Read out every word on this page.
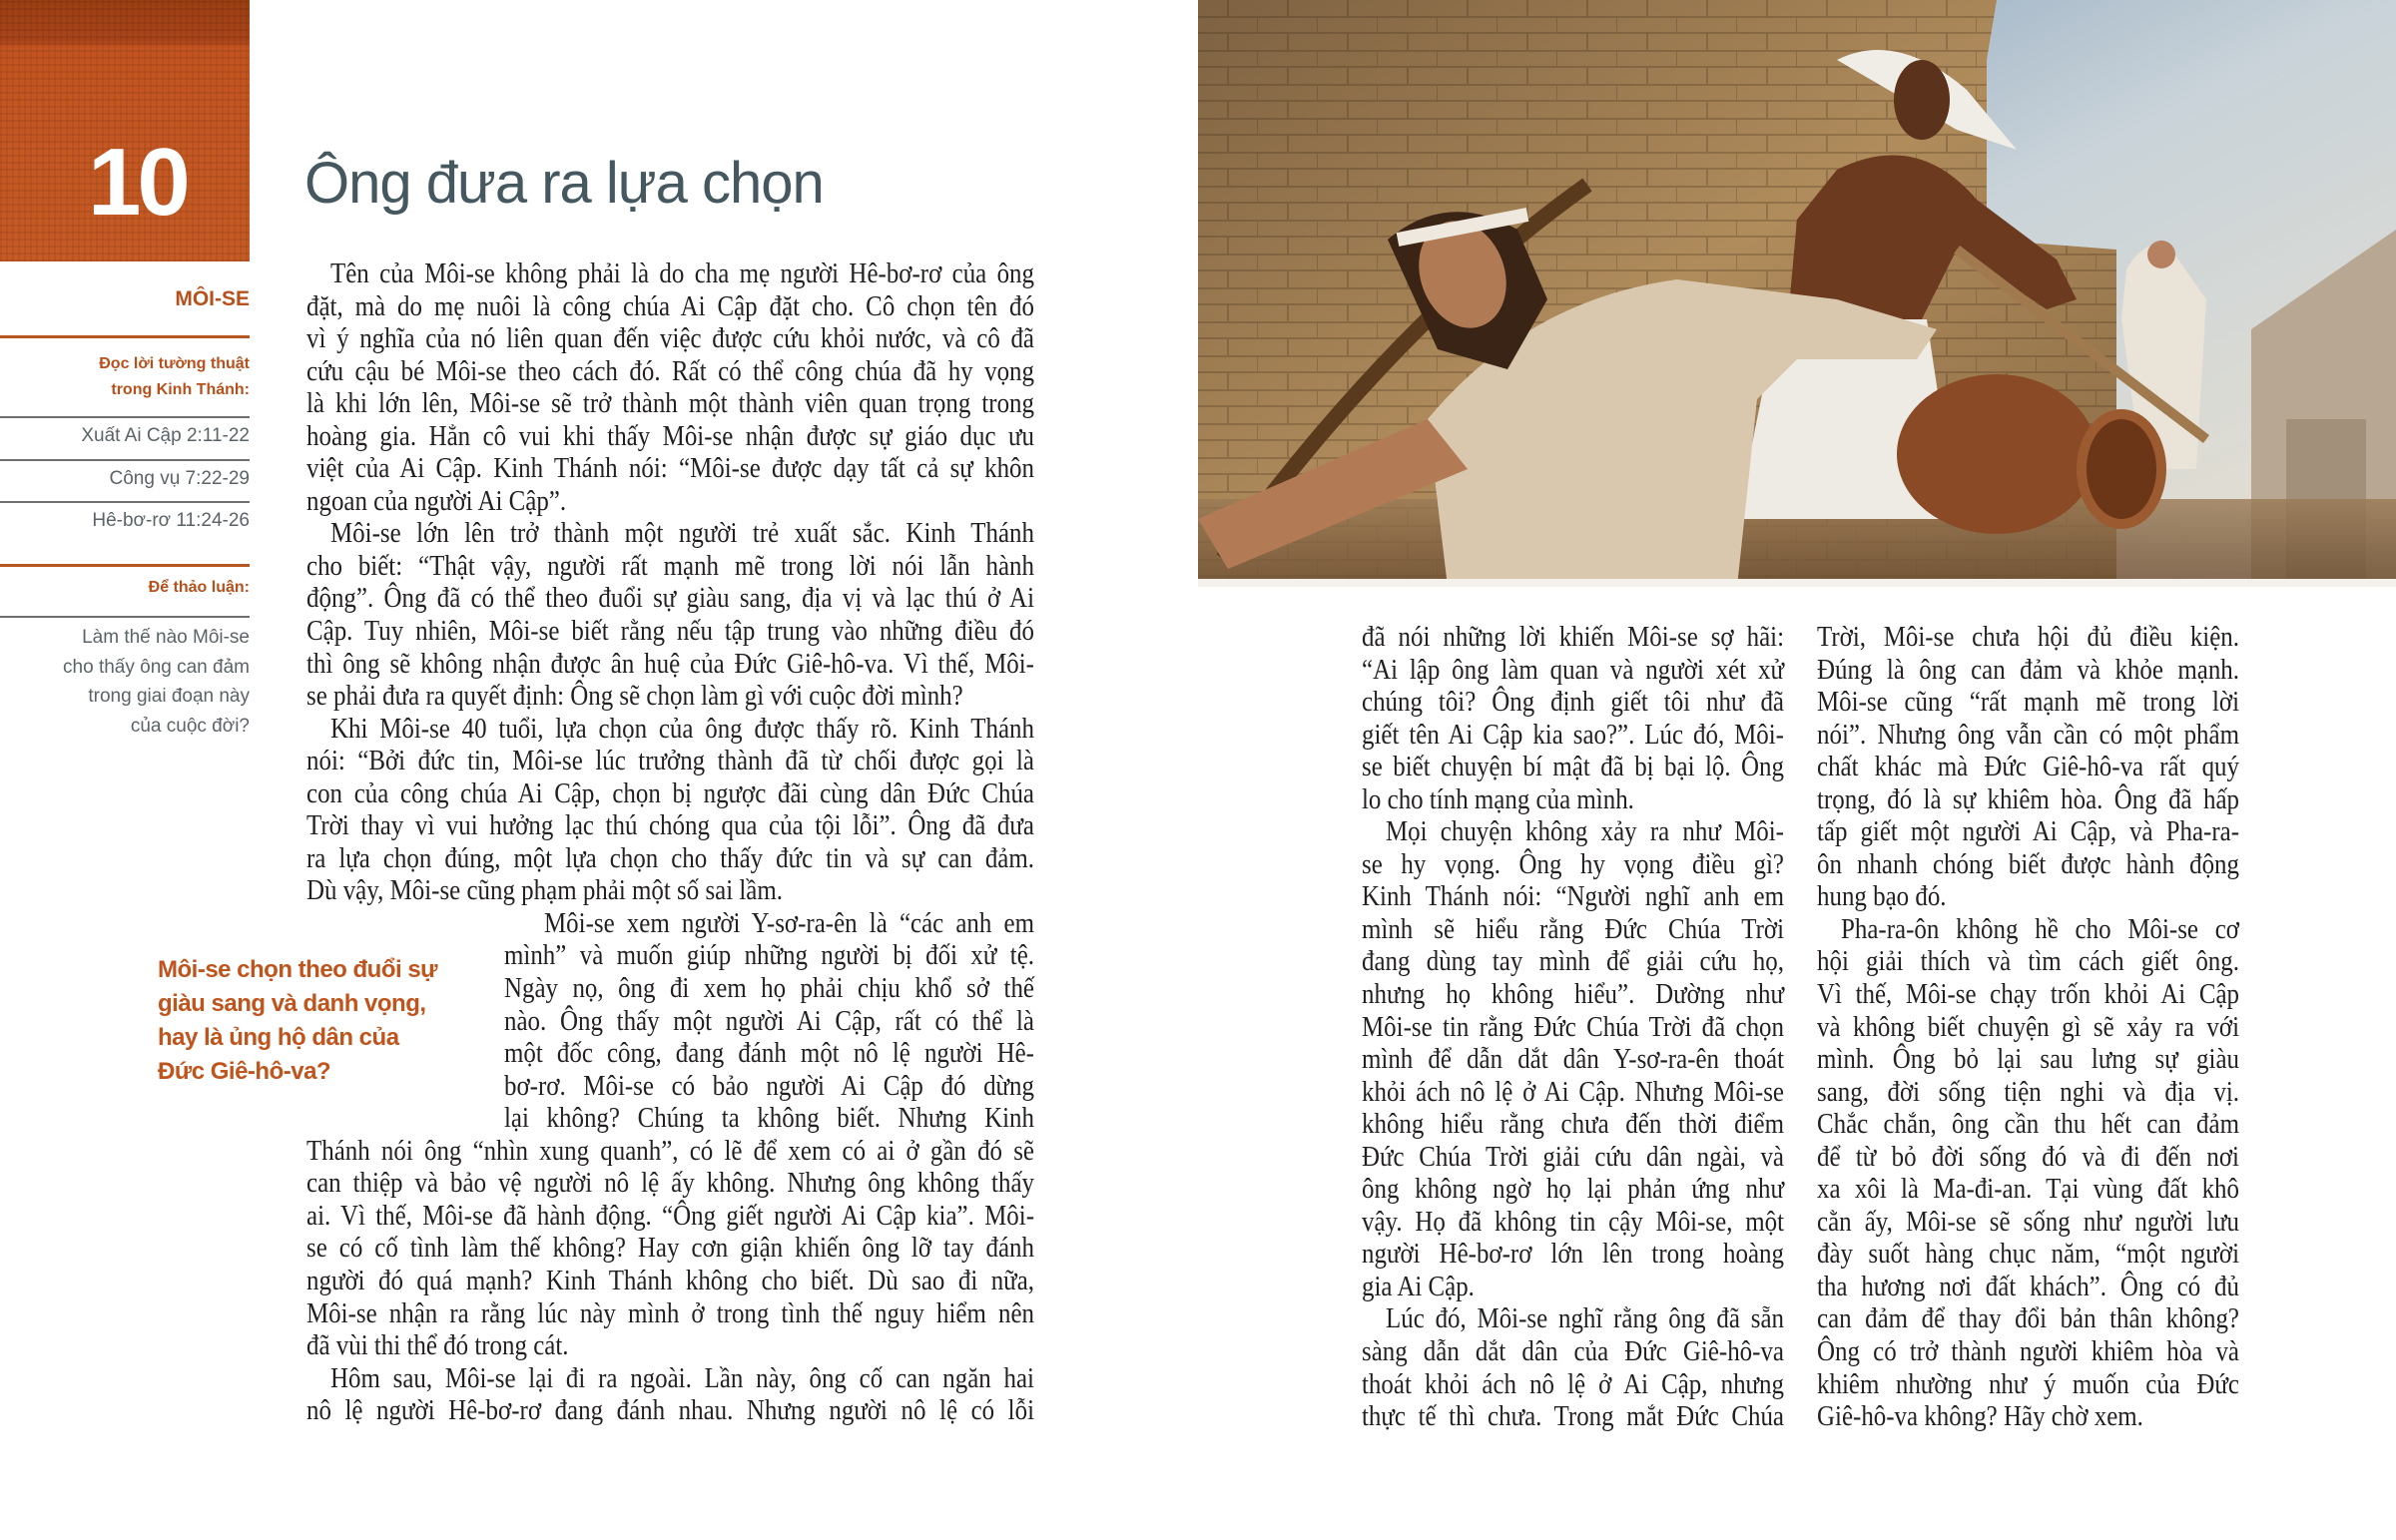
10 Ông đưa ra lựa chọn
MÔI-SE
Đọc lời tường thuật
trong Kinh Thánh:
Xuất Ai Cập 2:11-22
Công vụ 7:22-29
Hê-bơ-rơ 11:24-26
Để thảo luận:
Làm thế nào Môi-se
cho thấy ông can đảm
trong giai đoạn này
của cuộc đời?
Môi-se chọn theo đuổi sự
giàu sang và danh vọng,
hay là ủng hộ dân của
Đức Giê-hô-va?
Tên của Môi-se không phải là do cha mẹ người Hê-bơ-rơ của ông
đặt, mà do mẹ nuôi là công chúa Ai Cập đặt cho. Cô chọn tên đó
vì ý nghĩa của nó liên quan đến việc được cứu khỏi nước, và cô đã
cứu cậu bé Môi-se theo cách đó. Rất có thể công chúa đã hy vọng
là khi lớn lên, Môi-se sẽ trở thành một thành viên quan trọng trong
hoàng gia. Hẳn cô vui khi thấy Môi-se nhận được sự giáo dục ưu
việt của Ai Cập. Kinh Thánh nói: “Môi-se được dạy tất cả sự khôn
ngoan của người Ai Cập”.
Môi-se lớn lên trở thành một người trẻ xuất sắc. Kinh Thánh
cho biết: “Thật vậy, người rất mạnh mẽ trong lời nói lẫn hành
động”. Ông đã có thể theo đuổi sự giàu sang, địa vị và lạc thú ở Ai
Cập. Tuy nhiên, Môi-se biết rằng nếu tập trung vào những điều đó
thì ông sẽ không nhận được ân huệ của Đức Giê-hô-va. Vì thế, Môi-
se phải đưa ra quyết định: Ông sẽ chọn làm gì với cuộc đời mình?
Khi Môi-se 40 tuổi, lựa chọn của ông được thấy rõ. Kinh Thánh
nói: “Bởi đức tin, Môi-se lúc trưởng thành đã từ chối được gọi là
con của công chúa Ai Cập, chọn bị ngược đãi cùng dân Đức Chúa
Trời thay vì vui hưởng lạc thú chóng qua của tội lỗi”. Ông đã đưa
ra lựa chọn đúng, một lựa chọn cho thấy đức tin và sự can đảm.
Dù vậy, Môi-se cũng phạm phải một số sai lầm.
Môi-se xem người Y-sơ-ra-ên là “các anh em
mình” và muốn giúp những người bị đối xử tệ.
Ngày nọ, ông đi xem họ phải chịu khổ sở thế
nào. Ông thấy một người Ai Cập, rất có thể là
một đốc công, đang đánh một nô lệ người Hê-
bơ-rơ. Môi-se có bảo người Ai Cập đó dừng
lại không? Chúng ta không biết. Nhưng Kinh
Thánh nói ông “nhìn xung quanh”, có lẽ để xem có ai ở gần đó sẽ
can thiệp và bảo vệ người nô lệ ấy không. Nhưng ông không thấy
ai. Vì thế, Môi-se đã hành động. “Ông giết người Ai Cập kia”. Môi-
se có cố tình làm thế không? Hay cơn giận khiến ông lỡ tay đánh
người đó quá mạnh? Kinh Thánh không cho biết. Dù sao đi nữa,
Môi-se nhận ra rằng lúc này mình ở trong tình thế nguy hiểm nên
đã vùi thi thể đó trong cát.
Hôm sau, Môi-se lại đi ra ngoài. Lần này, ông cố can ngăn hai
nô lệ người Hê-bơ-rơ đang đánh nhau. Nhưng người nô lệ có lỗi
đã nói những lời khiến Môi-se sợ hãi:
“Ai lập ông làm quan và người xét xử
chúng tôi? Ông định giết tôi như đã
giết tên Ai Cập kia sao?”. Lúc đó, Môi-
se biết chuyện bí mật đã bị bại lộ. Ông
lo cho tính mạng của mình.
Mọi chuyện không xảy ra như Môi-
se hy vọng. Ông hy vọng điều gì?
Kinh Thánh nói: “Người nghĩ anh em
mình sẽ hiểu rằng Đức Chúa Trời
đang dùng tay mình để giải cứu họ,
nhưng họ không hiểu”. Dường như
Môi-se tin rằng Đức Chúa Trời đã chọn
mình để dẫn dắt dân Y-sơ-ra-ên thoát
khỏi ách nô lệ ở Ai Cập. Nhưng Môi-se
không hiểu rằng chưa đến thời điểm
Đức Chúa Trời giải cứu dân ngài, và
ông không ngờ họ lại phản ứng như
vậy. Họ đã không tin cậy Môi-se, một
người Hê-bơ-rơ lớn lên trong hoàng
gia Ai Cập.
Lúc đó, Môi-se nghĩ rằng ông đã sẵn
sàng dẫn dắt dân của Đức Giê-hô-va
thoát khỏi ách nô lệ ở Ai Cập, nhưng
thực tế thì chưa. Trong mắt Đức Chúa
Trời, Môi-se chưa hội đủ điều kiện.
Đúng là ông can đảm và khỏe mạnh.
Môi-se cũng “rất mạnh mẽ trong lời
nói”. Nhưng ông vẫn cần có một phẩm
chất khác mà Đức Giê-hô-va rất quý
trọng, đó là sự khiêm hòa. Ông đã hấp
tấp giết một người Ai Cập, và Pha-ra-
ôn nhanh chóng biết được hành động
hung bạo đó.
Pha-ra-ôn không hề cho Môi-se cơ
hội giải thích và tìm cách giết ông.
Vì thế, Môi-se chạy trốn khỏi Ai Cập
và không biết chuyện gì sẽ xảy ra với
mình. Ông bỏ lại sau lưng sự giàu
sang, đời sống tiện nghi và địa vị.
Chắc chắn, ông cần thu hết can đảm
để từ bỏ đời sống đó và đi đến nơi
xa xôi là Ma-đi-an. Tại vùng đất khô
cằn ấy, Môi-se sẽ sống như người lưu
đày suốt hàng chục năm, “một người
tha hương nơi đất khách”. Ông có đủ
can đảm để thay đổi bản thân không?
Ông có trở thành người khiêm hòa và
khiêm nhường như ý muốn của Đức
Giê-hô-va không? Hãy chờ xem.
